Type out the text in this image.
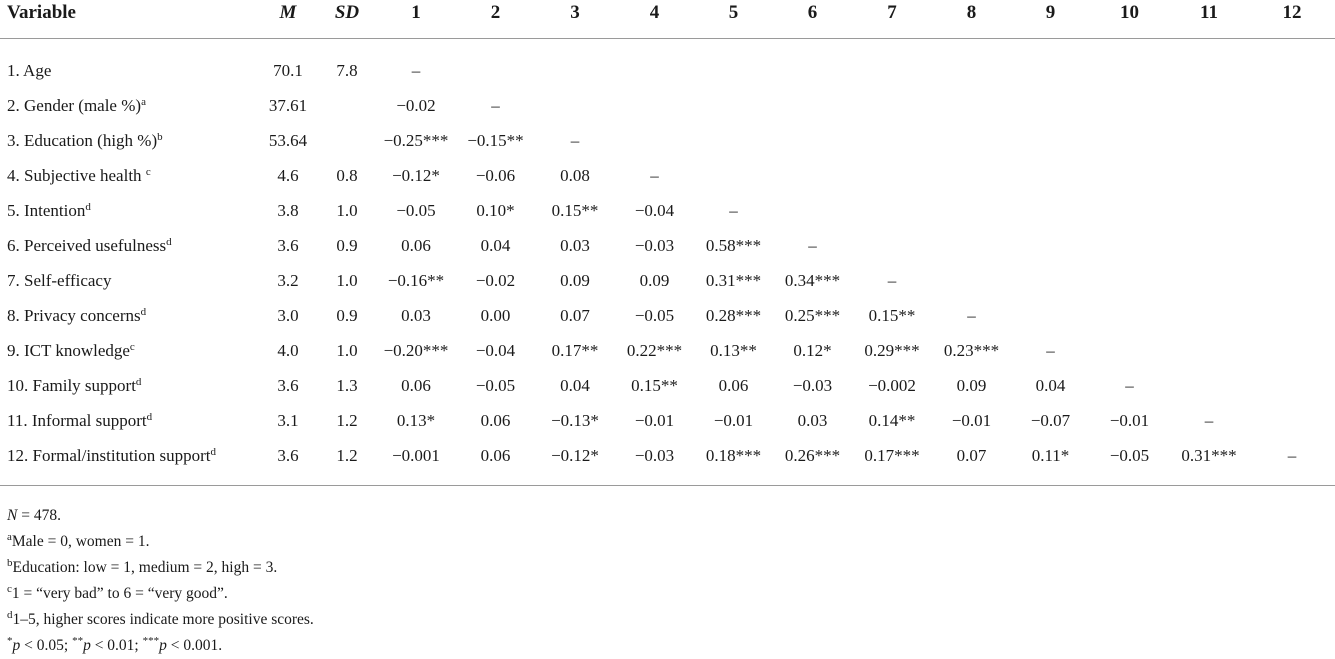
Variable	M	SD	1	2	3	4	5	6	7	8	9	10	11	12
1. Age	70.1	7.8	–											
2. Gender (male %)$^a$	37.61		−0.02	–										
3. Education (high %)$^b$	53.64		−0.25***	−0.15**	–									
4. Subjective health $^c$	4.6	0.8	−0.12*	−0.06	0.08	–								
5. Intention$^d$	3.8	1.0	−0.05	0.10*	0.15**	−0.04	–							
6. Perceived usefulness$^d$	3.6	0.9	0.06	0.04	0.03	−0.03	0.58***	–						
7. Self-efficacy	3.2	1.0	−0.16**	−0.02	0.09	0.09	0.31***	0.34***	–					
8. Privacy concerns$^d$	3.0	0.9	0.03	0.00	0.07	−0.05	0.28***	0.25***	0.15**	–				
9. ICT knowledge$^c$	4.0	1.0	−0.20***	−0.04	0.17**	0.22***	0.13**	0.12*	0.29***	0.23***	–			
10. Family support$^d$	3.6	1.3	0.06	−0.05	0.04	0.15**	0.06	−0.03	−0.002	0.09	0.04	–		
11. Informal support$^d$	3.1	1.2	0.13*	0.06	−0.13*	−0.01	−0.01	0.03	0.14**	−0.01	−0.07	−0.01	–	
12. Formal/institution support$^d$	3.6	1.2	−0.001	0.06	−0.12*	−0.03	0.18***	0.26***	0.17***	0.07	0.11*	−0.05	0.31***	–
N = 478.
$^a$Male = 0, women = 1.
$^b$Education: low = 1, medium = 2, high = 3.
$^c$1 = “very bad” to 6 = “very good”.
$^d$1–5, higher scores indicate more positive scores.
*p < 0.05; **p < 0.01; ***p < 0.001.
